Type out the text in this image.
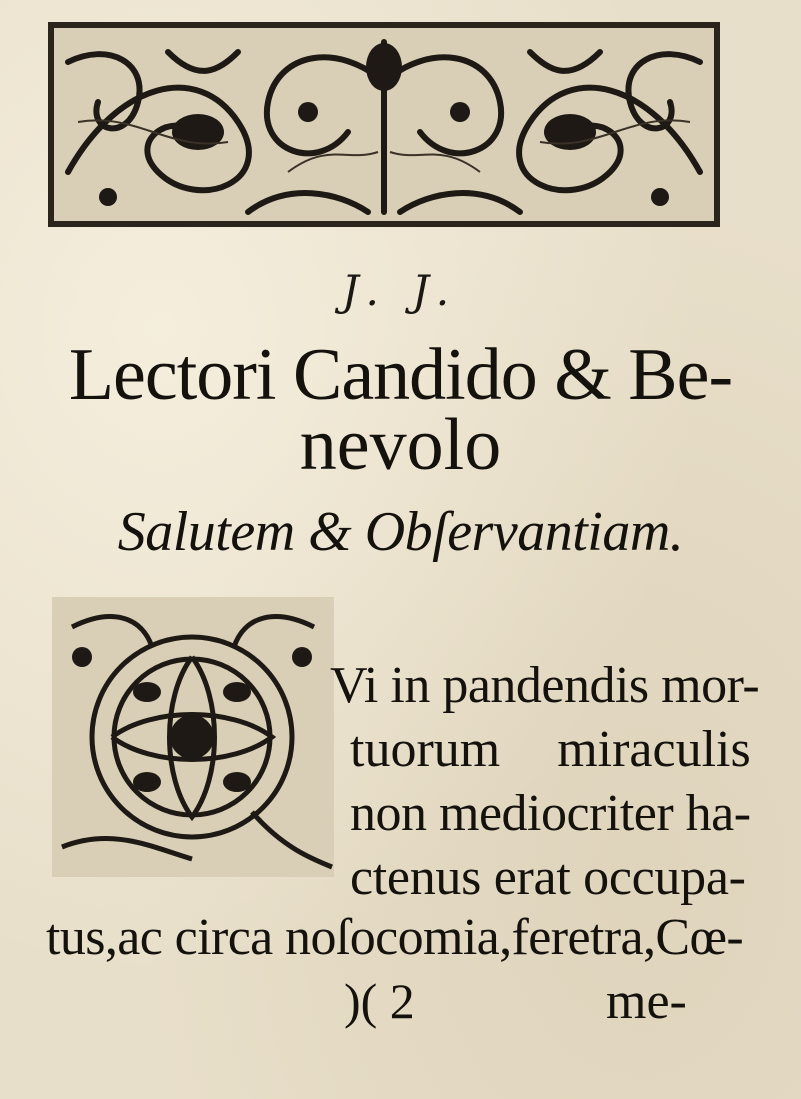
J. J.
Lectori Candido & Be-
nevolo
Salutem & Obſervantiam.
Vi in pandendis mor-
tuorum miraculis
non mediocriter ha-
ctenus erat occupa-
tus,ac circa noſocomia,feretra,Cœ-
)( 2	me-
